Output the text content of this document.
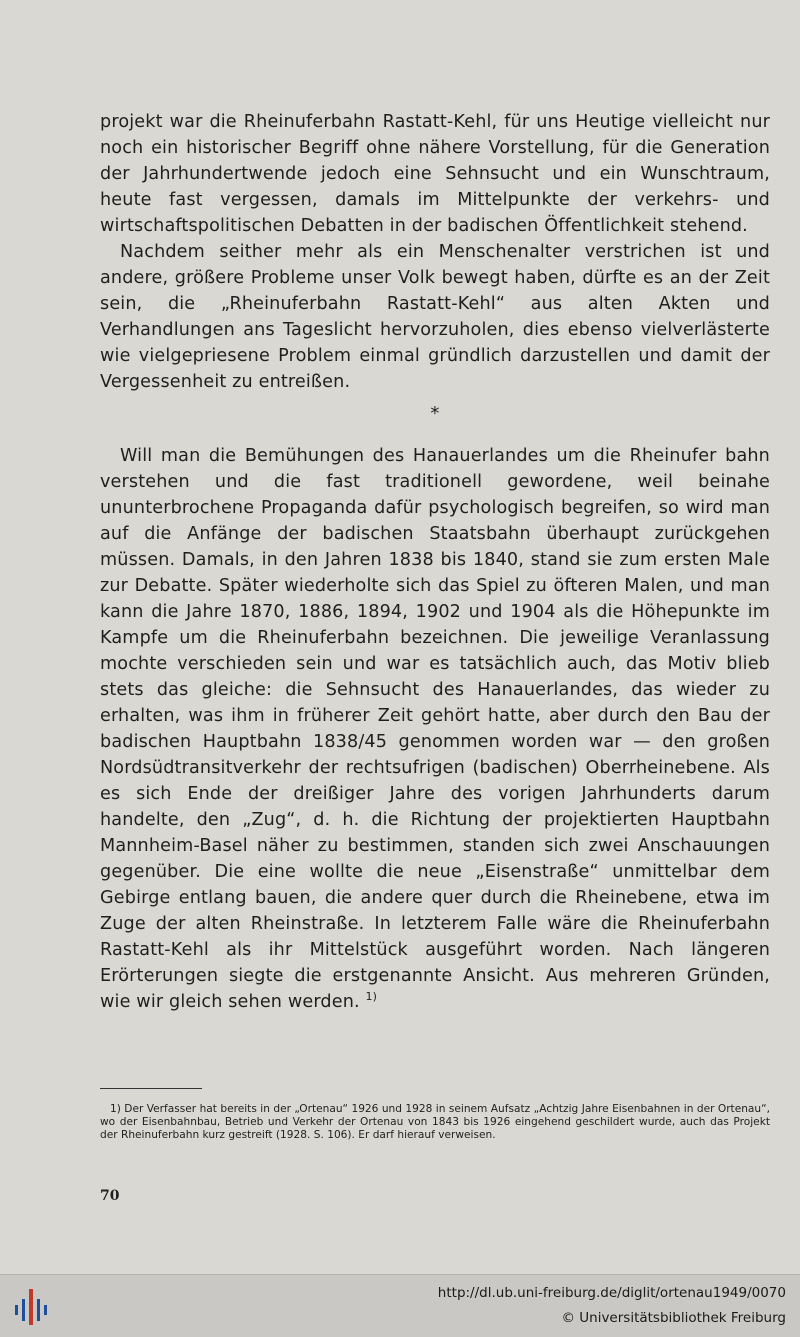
projekt war die Rheinuferbahn Rastatt-Kehl, für uns Heutige vielleicht nur noch ein historischer Begriff ohne nähere Vorstellung, für die Generation der Jahrhundertwende jedoch eine Sehnsucht und ein Wunschtraum, heute fast vergessen, damals im Mittelpunkte der verkehrs- und wirtschaftspolitischen Debatten in der badischen Öffentlichkeit stehend.

Nachdem seither mehr als ein Menschenalter verstrichen ist und andere, größere Probleme unser Volk bewegt haben, dürfte es an der Zeit sein, die „Rheinuferbahn Rastatt-Kehl“ aus alten Akten und Verhandlungen ans Tageslicht hervorzuholen, dies ebenso vielverlästerte wie vielgepriesene Problem einmal gründlich darzustellen und damit der Vergessenheit zu entreißen.

*

Will man die Bemühungen des Hanauerlandes um die Rheinufer bahn verstehen und die fast traditionell gewordene, weil beinahe ununterbrochene Propaganda dafür psychologisch begreifen, so wird man auf die Anfänge der badischen Staatsbahn überhaupt zurückgehen müssen. Damals, in den Jahren 1838 bis 1840, stand sie zum ersten Male zur Debatte. Später wiederholte sich das Spiel zu öfteren Malen, und man kann die Jahre 1870, 1886, 1894, 1902 und 1904 als die Höhepunkte im Kampfe um die Rheinuferbahn bezeichnen. Die jeweilige Veranlassung mochte verschieden sein und war es tatsächlich auch, das Motiv blieb stets das gleiche: die Sehnsucht des Hanauerlandes, das wieder zu erhalten, was ihm in früherer Zeit gehört hatte, aber durch den Bau der badischen Hauptbahn 1838/45 genommen worden war — den großen Nordsüdtransitverkehr der rechtsufrigen (badischen) Oberrheinebene. Als es sich Ende der dreißiger Jahre des vorigen Jahrhunderts darum handelte, den „Zug“, d. h. die Richtung der projektierten Hauptbahn Mannheim-Basel näher zu bestimmen, standen sich zwei Anschauungen gegenüber. Die eine wollte die neue „Eisenstraße“ unmittelbar dem Gebirge entlang bauen, die andere quer durch die Rheinebene, etwa im Zuge der alten Rheinstraße. In letzterem Falle wäre die Rheinuferbahn Rastatt-Kehl als ihr Mittelstück ausgeführt worden. Nach längeren Erörterungen siegte die erstgenannte Ansicht. Aus mehreren Gründen, wie wir gleich sehen werden. $^{1)}$

1) Der Verfasser hat bereits in der „Ortenau“ 1926 und 1928 in seinem Aufsatz „Achtzig Jahre Eisenbahnen in der Ortenau“, wo der Eisenbahnbau, Betrieb und Verkehr der Ortenau von 1843 bis 1926 eingehend geschildert wurde, auch das Projekt der Rheinuferbahn kurz gestreift (1928. S. 106). Er darf hierauf verweisen.
70
http://dl.ub.uni-freiburg.de/diglit/ortenau1949/0070
© Universitätsbibliothek Freiburg
